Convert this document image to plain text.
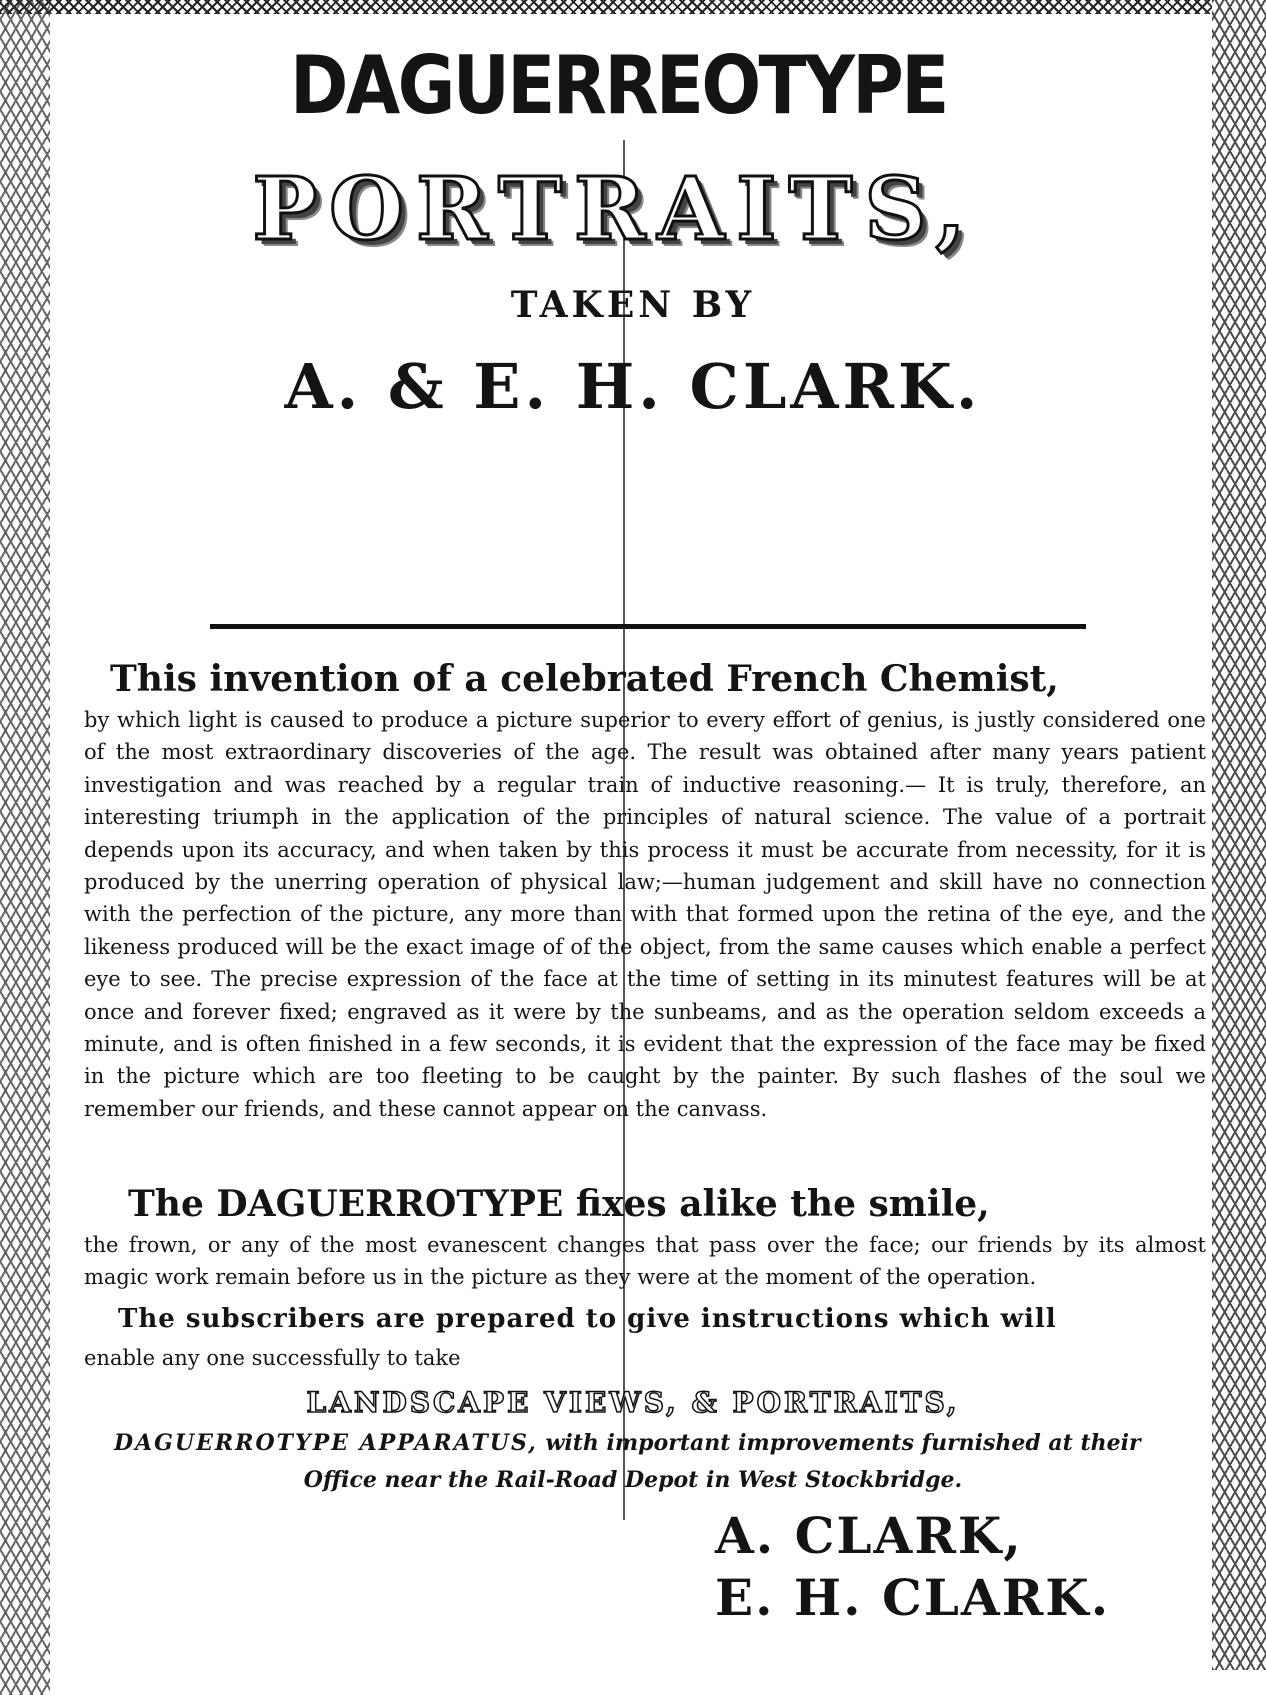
DAGUERREOTYPE
PORTRAITS,
TAKEN BY
A. & E. H. CLARK.
This invention of a celebrated French Chemist,
by which light is caused to produce a picture superior to every effort of genius, is justly considered one of the most extraordinary discoveries of the age. The result was obtained after many years patient investigation and was reached by a regular train of inductive reasoning.— It is truly, therefore, an interesting triumph in the application of the principles of natural science. The value of a portrait depends upon its accuracy, and when taken by this process it must be accurate from necessity, for it is produced by the unerring operation of physical law;—human judgement and skill have no connection with the perfection of the picture, any more than with that formed upon the retina of the eye, and the likeness produced will be the exact image of of the object, from the same causes which enable a perfect eye to see. The precise expression of the face at the time of setting in its minutest features will be at once and forever fixed; engraved as it were by the sunbeams, and as the operation seldom exceeds a minute, and is often finished in a few seconds, it is evident that the expression of the face may be fixed in the picture which are too fleeting to be caught by the painter. By such flashes of the soul we remember our friends, and these cannot appear on the canvass.
The DAGUERROTYPE fixes alike the smile,
the frown, or any of the most evanescent changes that pass over the face; our friends by its almost magic work remain before us in the picture as they were at the moment of the operation.
The subscribers are prepared to give instructions which will
enable any one successfully to take
LANDSCAPE VIEWS, & PORTRAITS,
DAGUERROTYPE APPARATUS, with important improvements furnished at their
Office near the Rail-Road Depot in West Stockbridge.
A. CLARK,
E. H. CLARK.
